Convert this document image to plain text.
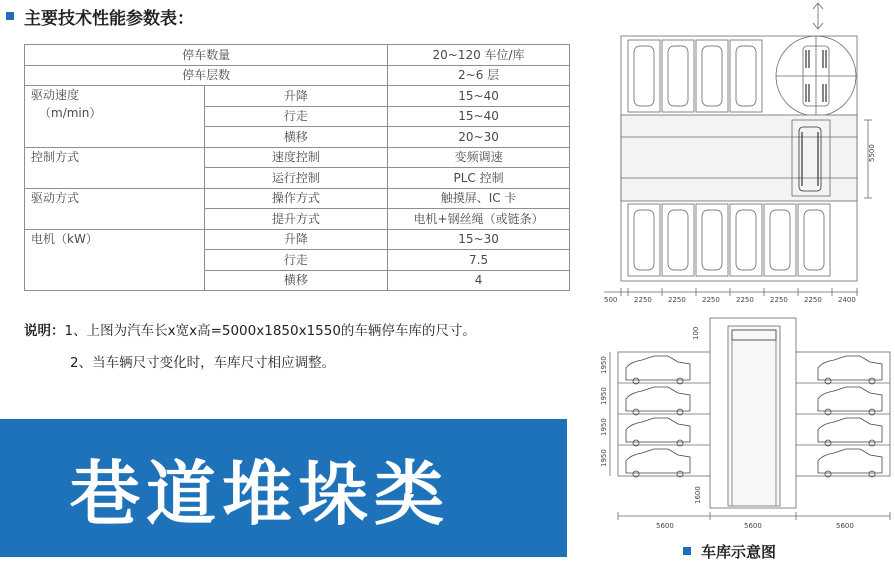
主要技术性能参数表：
停车数量		20~120 车位/库
停车层数		2~6 层
驱动速度
（m/min）	升降	15~40
	行走	15~40
	横移	20~30
控制方式	速度控制	变频调速
	运行控制	PLC 控制
驱动方式	操作方式	触摸屏、IC 卡
	提升方式	电机+钢丝绳（或链条）
电机（kW）	升降	15~30
	行走	7.5
	横移	4
说明： 1、上图为汽车长x宽x高=5000x1850x1550的车辆停车库的尺寸。
2、当车辆尺寸变化时，车库尺寸相应调整。
巷道堆垛类
5500
500 2250 2250 2250 2250 2250 2250 2400
100
1950
1950
1950
1950
1600
5600	5600	5600
车库示意图
